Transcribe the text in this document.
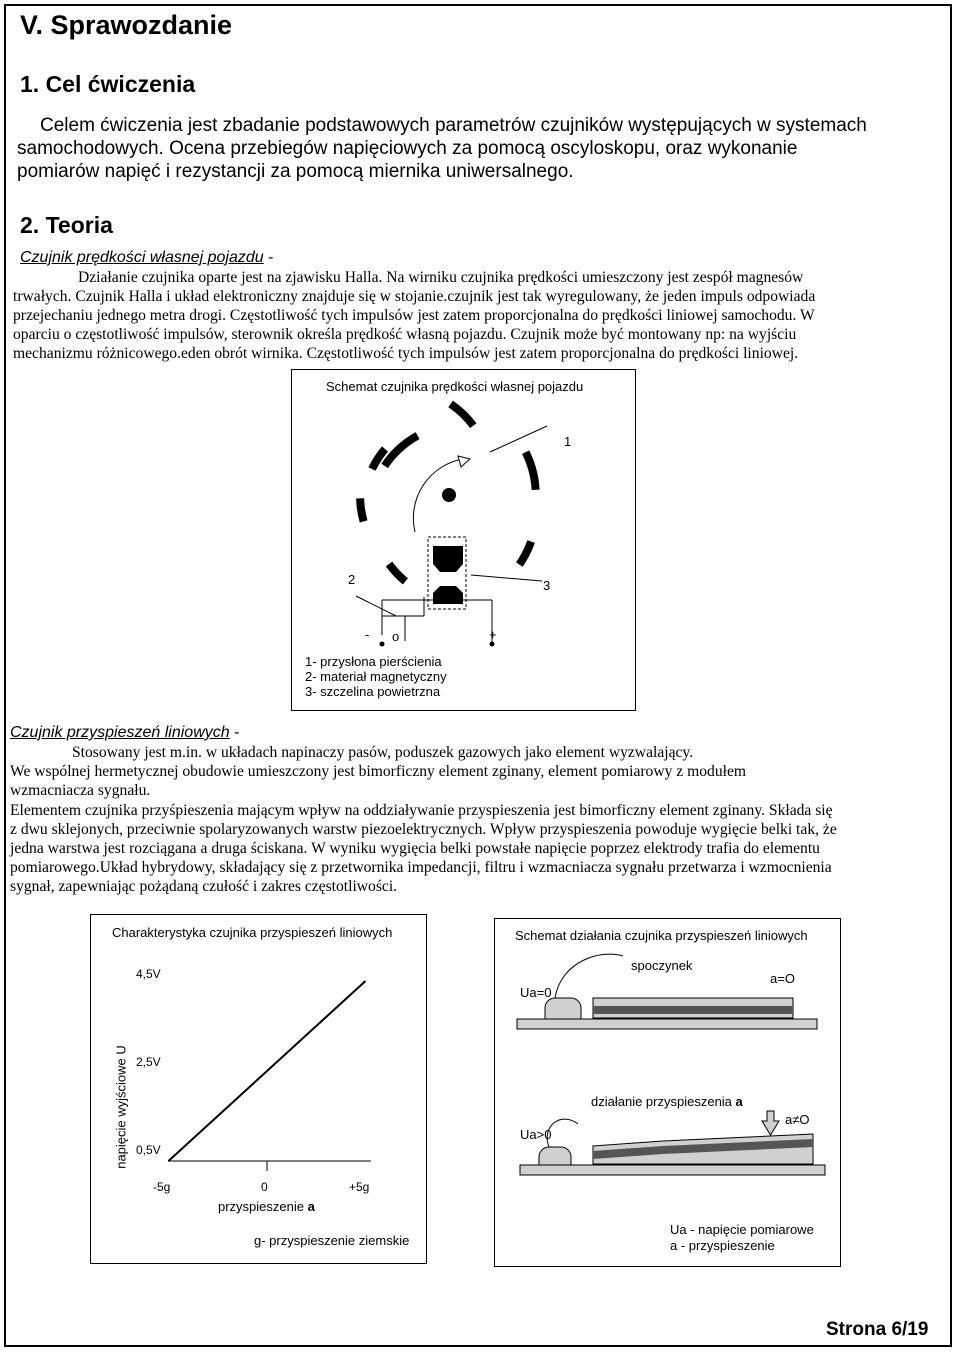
V. Sprawozdanie
1. Cel ćwiczenia
Celem ćwiczenia jest zbadanie podstawowych parametrów czujników występujących w systemach
samochodowych. Ocena przebiegów napięciowych za pomocą oscyloskopu, oraz wykonanie
pomiarów napięć i rezystancji za pomocą miernika uniwersalnego.
2. Teoria
Czujnik prędkości własnej pojazdu -
Działanie czujnika oparte jest na zjawisku Halla. Na wirniku czujnika prędkości umieszczony jest zespół magnesów
trwałych. Czujnik Halla i układ elektroniczny znajduje się w stojanie.czujnik jest tak wyregulowany, że jeden impuls odpowiada
przejechaniu jednego metra drogi. Częstotliwość tych impulsów jest zatem proporcjonalna do prędkości liniowej samochodu. W
oparciu o częstotliwość impulsów, sterownik określa prędkość własną pojazdu. Czujnik może być montowany np: na wyjściu
mechanizmu różnicowego.eden obrót wirnika. Częstotliwość tych impulsów jest zatem proporcjonalna do prędkości liniowej.
Schemat czujnika prędkości własnej pojazdu
1
2	3
- o	+
1- przysłona pierścienia
2- materiał magnetyczny
3- szczelina powietrzna
Czujnik przyspieszeń liniowych -
Stosowany jest m.in. w układach napinaczy pasów, poduszek gazowych jako element wyzwalający.
We wspólnej hermetycznej obudowie umieszczony jest bimorficzny element zginany, element pomiarowy z modułem
wzmacniacza sygnału.
Elementem czujnika przyśpieszenia mającym wpływ na oddziaływanie przyspieszenia jest bimorficzny element zginany. Składa się
z dwu sklejonych, przeciwnie spolaryzowanych warstw piezoelektrycznych. Wpływ przyspieszenia powoduje wygięcie belki tak, że
jedna warstwa jest rozciągana a druga ściskana. W wyniku wygięcia belki powstałe napięcie poprzez elektrody trafia do elementu
pomiarowego.Układ hybrydowy, składający się z przetwornika impedancji, filtru i wzmacniacza sygnału przetwarza i wzmocnienia
sygnał, zapewniając pożądaną czułość i zakres częstotliwości.
Charakterystyka czujnika przyspieszeń liniowych
napięcie wyjściowe U
4,5V
2,5V
0,5V
-5g	0	+5g
przyspieszenie a
g- przyspieszenie ziemskie
Schemat działania czujnika przyspieszeń liniowych
spoczynek
Ua=0
a=O
działanie przyspieszenia a
a≠O
Ua>0
Ua - napięcie pomiarowe
a - przyspieszenie
Strona 6/19
